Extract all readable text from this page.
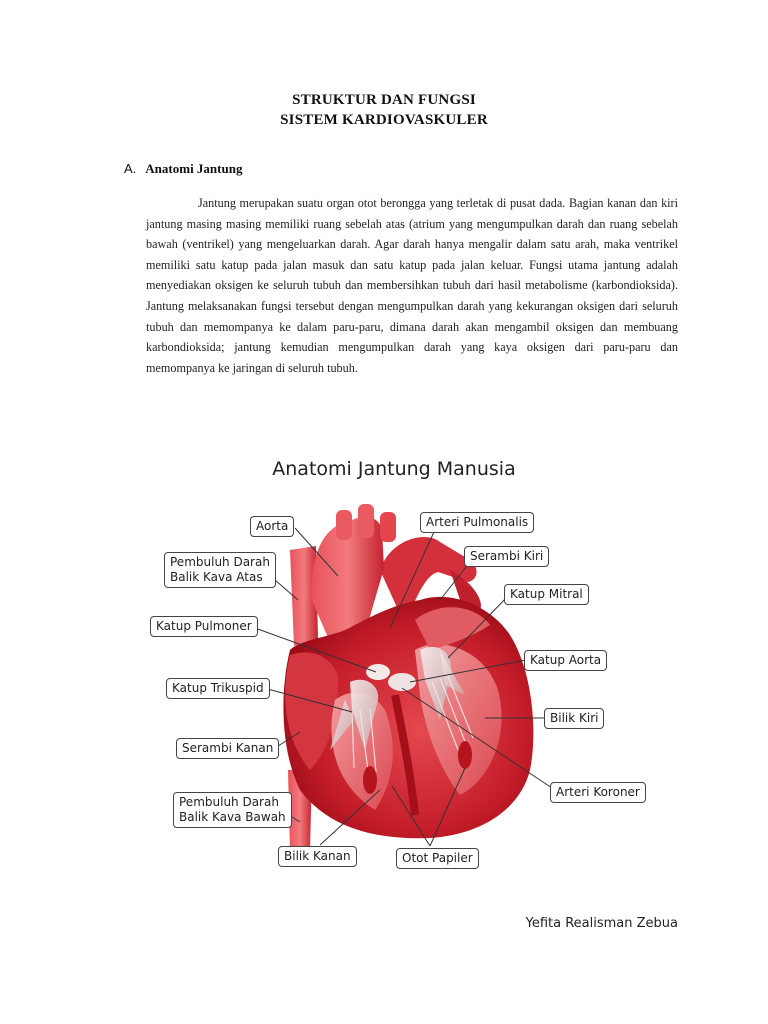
STRUKTUR DAN FUNGSI
SISTEM KARDIOVASKULER
A. Anatomi Jantung

Jantung merupakan suatu organ otot berongga yang terletak di pusat dada. Bagian kanan dan kiri jantung masing masing memiliki ruang sebelah atas (atrium yang mengumpulkan darah dan ruang sebelah bawah (ventrikel) yang mengeluarkan darah. Agar darah hanya mengalir dalam satu arah, maka ventrikel memiliki satu katup pada jalan masuk dan satu katup pada jalan keluar. Fungsi utama jantung adalah menyediakan oksigen ke seluruh tubuh dan membersihkan tubuh dari hasil metabolisme (karbondioksida). Jantung melaksanakan fungsi tersebut dengan mengumpulkan darah yang kekurangan oksigen dari seluruh tubuh dan memompanya ke dalam paru-paru, dimana darah akan mengambil oksigen dan membuang karbondioksida; jantung kemudian mengumpulkan darah yang kaya oksigen dari paru-paru dan memompanya ke jaringan di seluruh tubuh.

Anatomi Jantung Manusia
Aorta
Pembuluh Darah
Balik Kava Atas
Katup Pulmoner
Katup Trikuspid
Serambi Kanan
Pembuluh Darah
Balik Kava Bawah
Bilik Kanan	Otot Papiler
Arteri Pulmonalis
Serambi Kiri
Katup Mitral
Katup Aorta
Bilik Kiri
Arteri Koroner
Yefita Realisman Zebua
